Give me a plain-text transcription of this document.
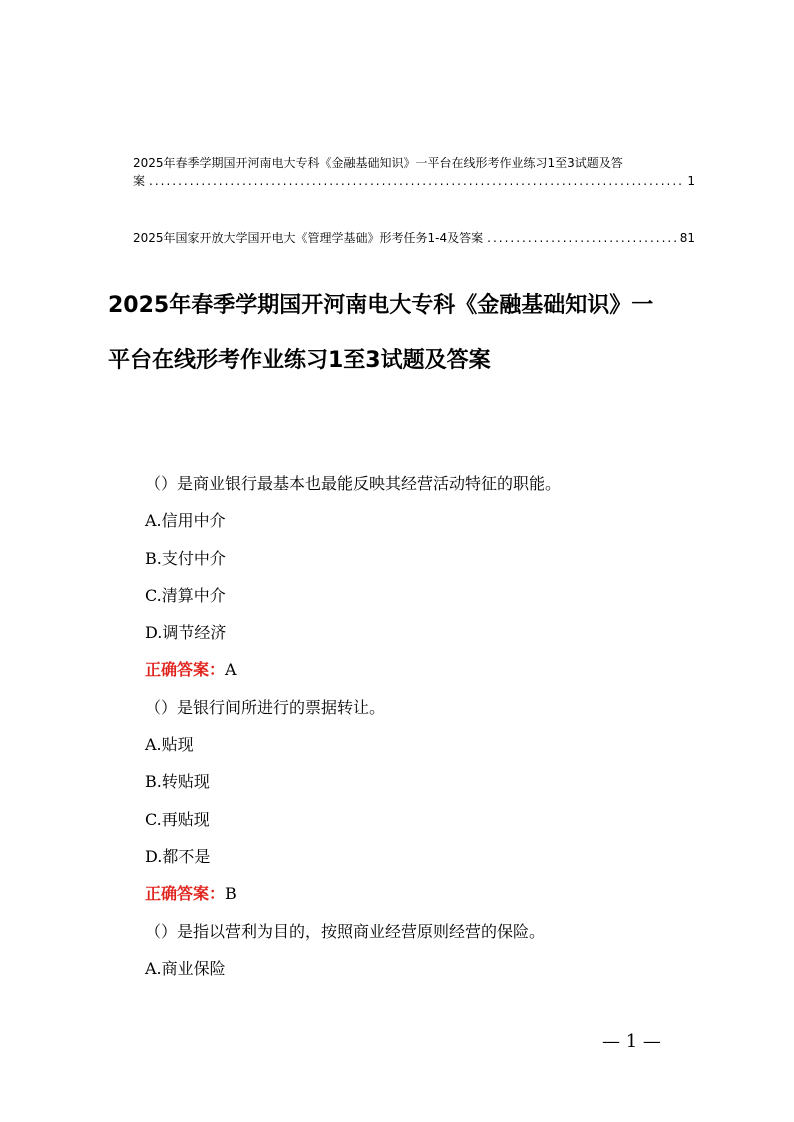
2025年春季学期国开河南电大专科《金融基础知识》一平台在线形考作业练习1至3试题及答
案 .....	1
2025年国家开放大学国开电大《管理学基础》形考任务1-4及答案 .....	81
2025年春季学期国开河南电大专科《金融基础知识》一
平台在线形考作业练习1至3试题及答案
（）是商业银行最基本也最能反映其经营活动特征的职能。
A.信用中介
B.支付中介
C.清算中介
D.调节经济
正确答案：A
（）是银行间所进行的票据转让。
A.贴现
B.转贴现
C.再贴现
D.都不是
正确答案：B
（）是指以营利为目的，按照商业经营原则经营的保险。
A.商业保险
— 1 —
